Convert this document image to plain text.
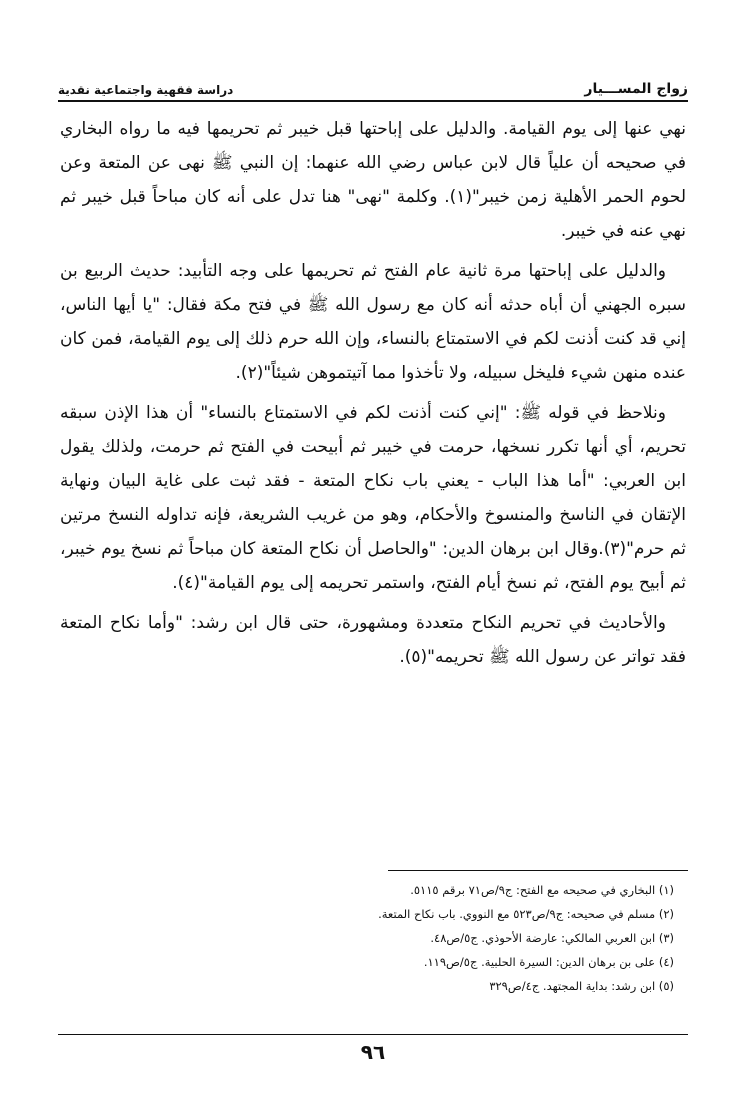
زواج المســـيار
دراسة فقهية واجتماعية نقدية

نهي عنها إلى يوم القيامة. والدليل على إباحتها قبل خيبر ثم تحريمها فيه ما رواه البخاري في صحيحه أن علياً قال لابن عباس رضي الله عنهما: إن النبي ﷺ نهى عن المتعة وعن لحوم الحمر الأهلية زمن خيبر"(١). وكلمة "نهى" هنا تدل على أنه كان مباحاً قبل خيبر ثم نهي عنه في خيبر.

والدليل على إباحتها مرة ثانية عام الفتح ثم تحريمها على وجه التأبيد: حديث الربيع بن سبره الجهني أن أباه حدثه أنه كان مع رسول الله ﷺ في فتح مكة فقال: "يا أيها الناس، إني قد كنت أذنت لكم في الاستمتاع بالنساء، وإن الله حرم ذلك إلى يوم القيامة، فمن كان عنده منهن شيء فليخل سبيله، ولا تأخذوا مما آتيتموهن شيئاً"(٢).

ونلاحظ في قوله ﷺ: "إني كنت أذنت لكم في الاستمتاع بالنساء" أن هذا الإذن سبقه تحريم، أي أنها تكرر نسخها، حرمت في خيبر ثم أبيحت في الفتح ثم حرمت، ولذلك يقول ابن العربي: "أما هذا الباب - يعني باب نكاح المتعة - فقد ثبت على غاية البيان ونهاية الإتقان في الناسخ والمنسوخ والأحكام، وهو من غريب الشريعة، فإنه تداوله النسخ مرتين ثم حرم"(٣).وقال ابن برهان الدين: "والحاصل أن نكاح المتعة كان مباحاً ثم نسخ يوم خيبر، ثم أبيح يوم الفتح، ثم نسخ أيام الفتح، واستمر تحريمه إلى يوم القيامة"(٤).

والأحاديث في تحريم النكاح متعددة ومشهورة، حتى قال ابن رشد: "وأما نكاح المتعة فقد تواتر عن رسول الله ﷺ تحريمه"(٥).

(١) البخاري في صحيحه مع الفتح: ج٩/ص٧١ برقم ٥١١٥.
(٢) مسلم في صحيحه: ج٩/ص٥٢٣ مع النووي. باب نكاح المتعة.
(٣) ابن العربي المالكي: عارضة الأحوذي. ج٥/ص٤٨.
(٤) على بن برهان الدين: السيرة الحلبية. ج٥/ص١١٩.
(٥) ابن رشد: بداية المجتهد. ج٤/ص٣٢٩
٩٦
